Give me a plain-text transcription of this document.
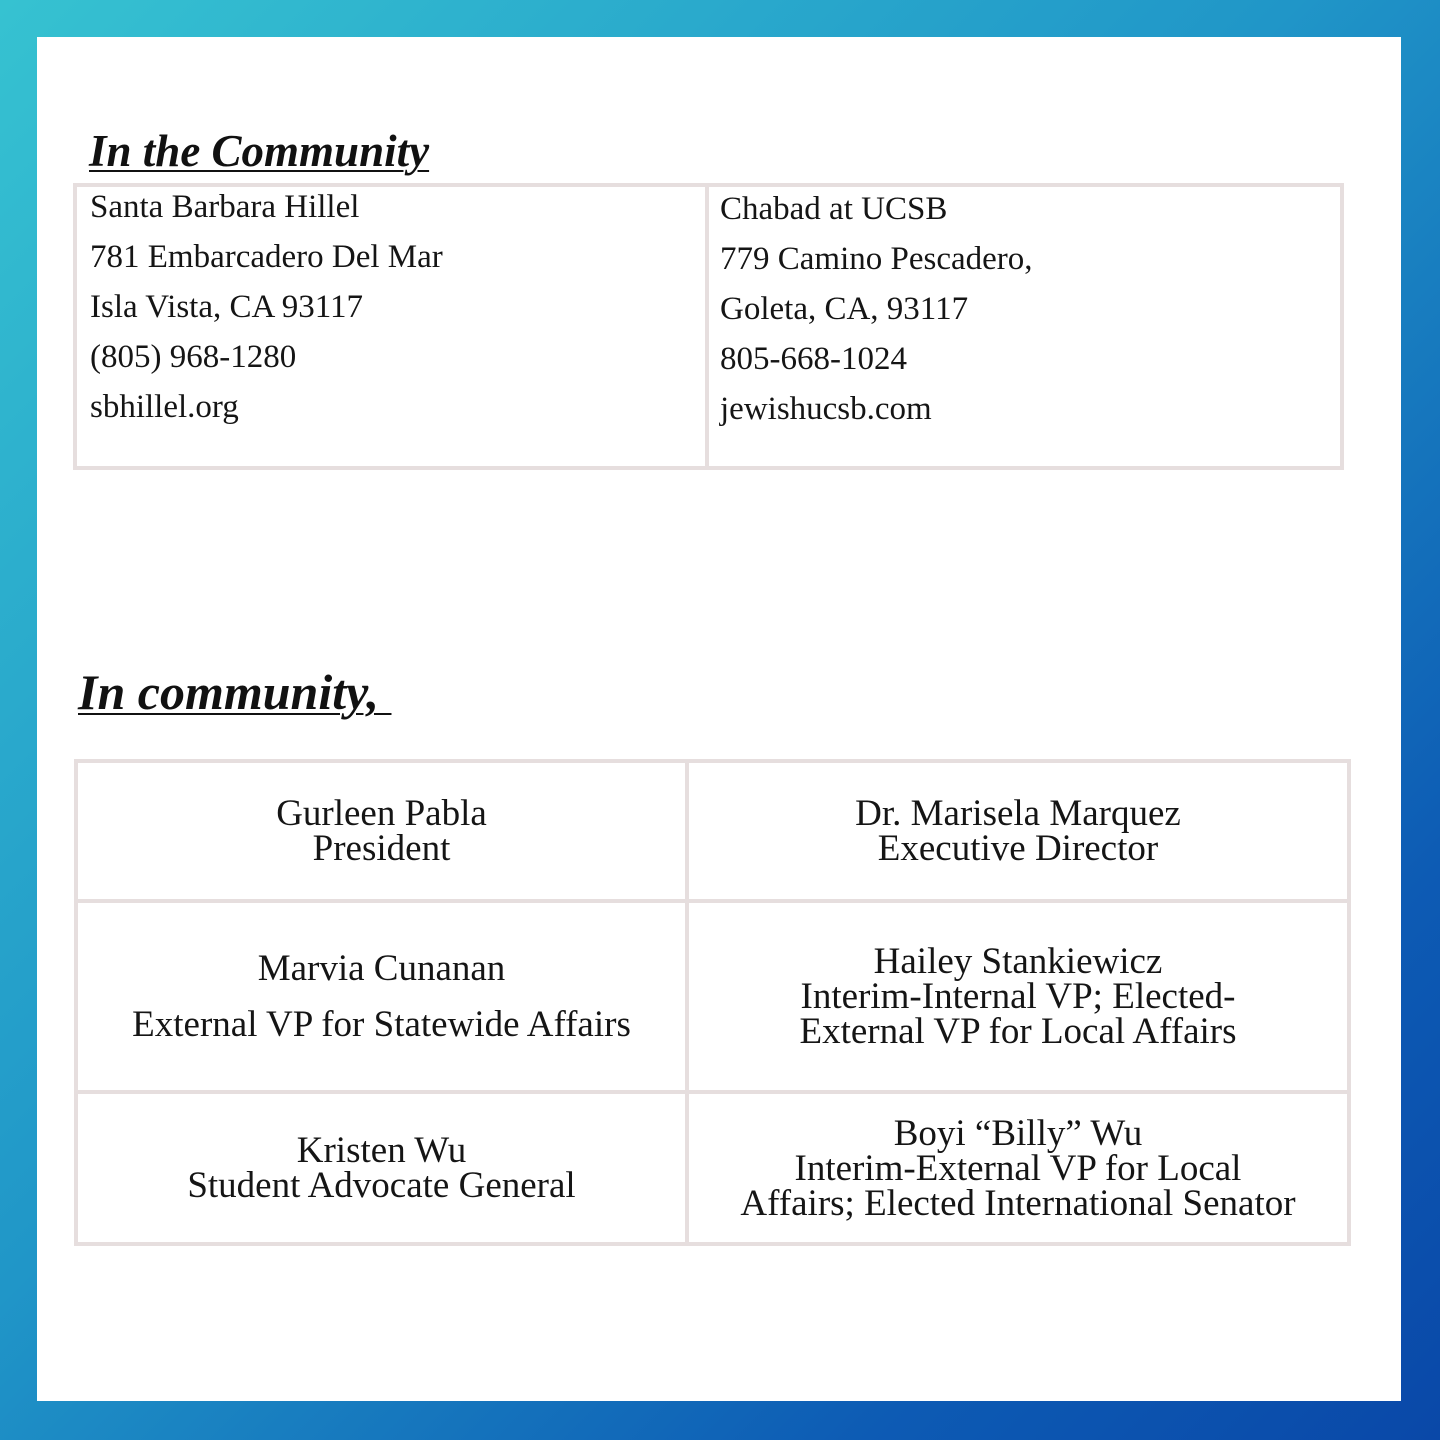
In the Community
Santa Barbara Hillel
781 Embarcadero Del Mar
Isla Vista, CA 93117
(805) 968-1280
sbhillel.org
Chabad at UCSB
779 Camino Pescadero,
Goleta, CA, 93117
805-668-1024
jewishucsb.com
In community,
Gurleen Pabla
President
Dr. Marisela Marquez
Executive Director
Marvia Cunanan
External VP for Statewide Affairs
Hailey Stankiewicz
Interim-Internal VP; Elected-
External VP for Local Affairs
Kristen Wu
Student Advocate General
Boyi “Billy” Wu
Interim-External VP for Local
Affairs; Elected International Senator
